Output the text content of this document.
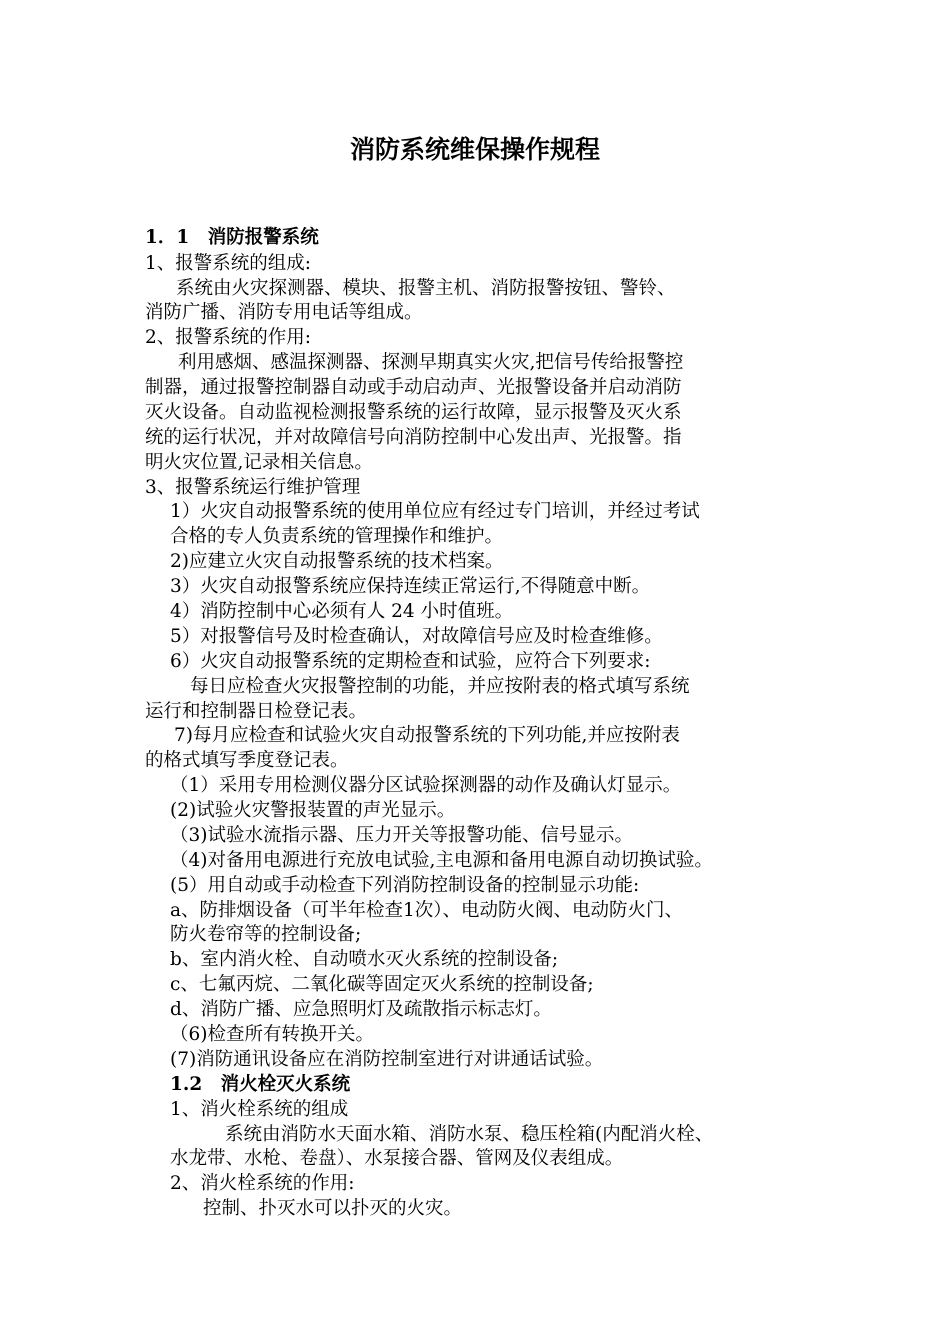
消防系统维保操作规程
1．1　消防报警系统
1、报警系统的组成:
系统由火灾探测器、模块、报警主机、消防报警按钮、警铃、
消防广播、消防专用电话等组成。
2、报警系统的作用:
利用感烟、感温探测器、探测早期真实火灾,把信号传给报警控
制器，通过报警控制器自动或手动启动声、光报警设备并启动消防
灭火设备。自动监视检测报警系统的运行故障，显示报警及灭火系
统的运行状况，并对故障信号向消防控制中心发出声、光报警。指
明火灾位置,记录相关信息。
3、报警系统运行维护管理
1）火灾自动报警系统的使用单位应有经过专门培训，并经过考试
合格的专人负责系统的管理操作和维护。
2)应建立火灾自动报警系统的技术档案。
3）火灾自动报警系统应保持连续正常运行,不得随意中断。
4）消防控制中心必须有人 24 小时值班。
5）对报警信号及时检查确认，对故障信号应及时检查维修。
6）火灾自动报警系统的定期检查和试验，应符合下列要求:
每日应检查火灾报警控制的功能，并应按附表的格式填写系统
运行和控制器日检登记表。
7)每月应检查和试验火灾自动报警系统的下列功能,并应按附表
的格式填写季度登记表。
（1）采用专用检测仪器分区试验探测器的动作及确认灯显示。
(2)试验火灾警报装置的声光显示。
（3)试验水流指示器、压力开关等报警功能、信号显示。
（4)对备用电源进行充放电试验,主电源和备用电源自动切换试验。
(5）用自动或手动检查下列消防控制设备的控制显示功能:
a、防排烟设备（可半年检查1次）、电动防火阀、电动防火门、
防火卷帘等的控制设备;
b、室内消火栓、自动喷水灭火系统的控制设备;
c、七氟丙烷、二氧化碳等固定灭火系统的控制设备;
d、消防广播、应急照明灯及疏散指示标志灯。
（6)检查所有转换开关。
(7)消防通讯设备应在消防控制室进行对讲通话试验。
1.2　消火栓灭火系统
1、消火栓系统的组成
系统由消防水天面水箱、消防水泵、稳压栓箱(内配消火栓、
水龙带、水枪、卷盘）、水泵接合器、管网及仪表组成。
2、消火栓系统的作用:
控制、扑灭水可以扑灭的火灾。
